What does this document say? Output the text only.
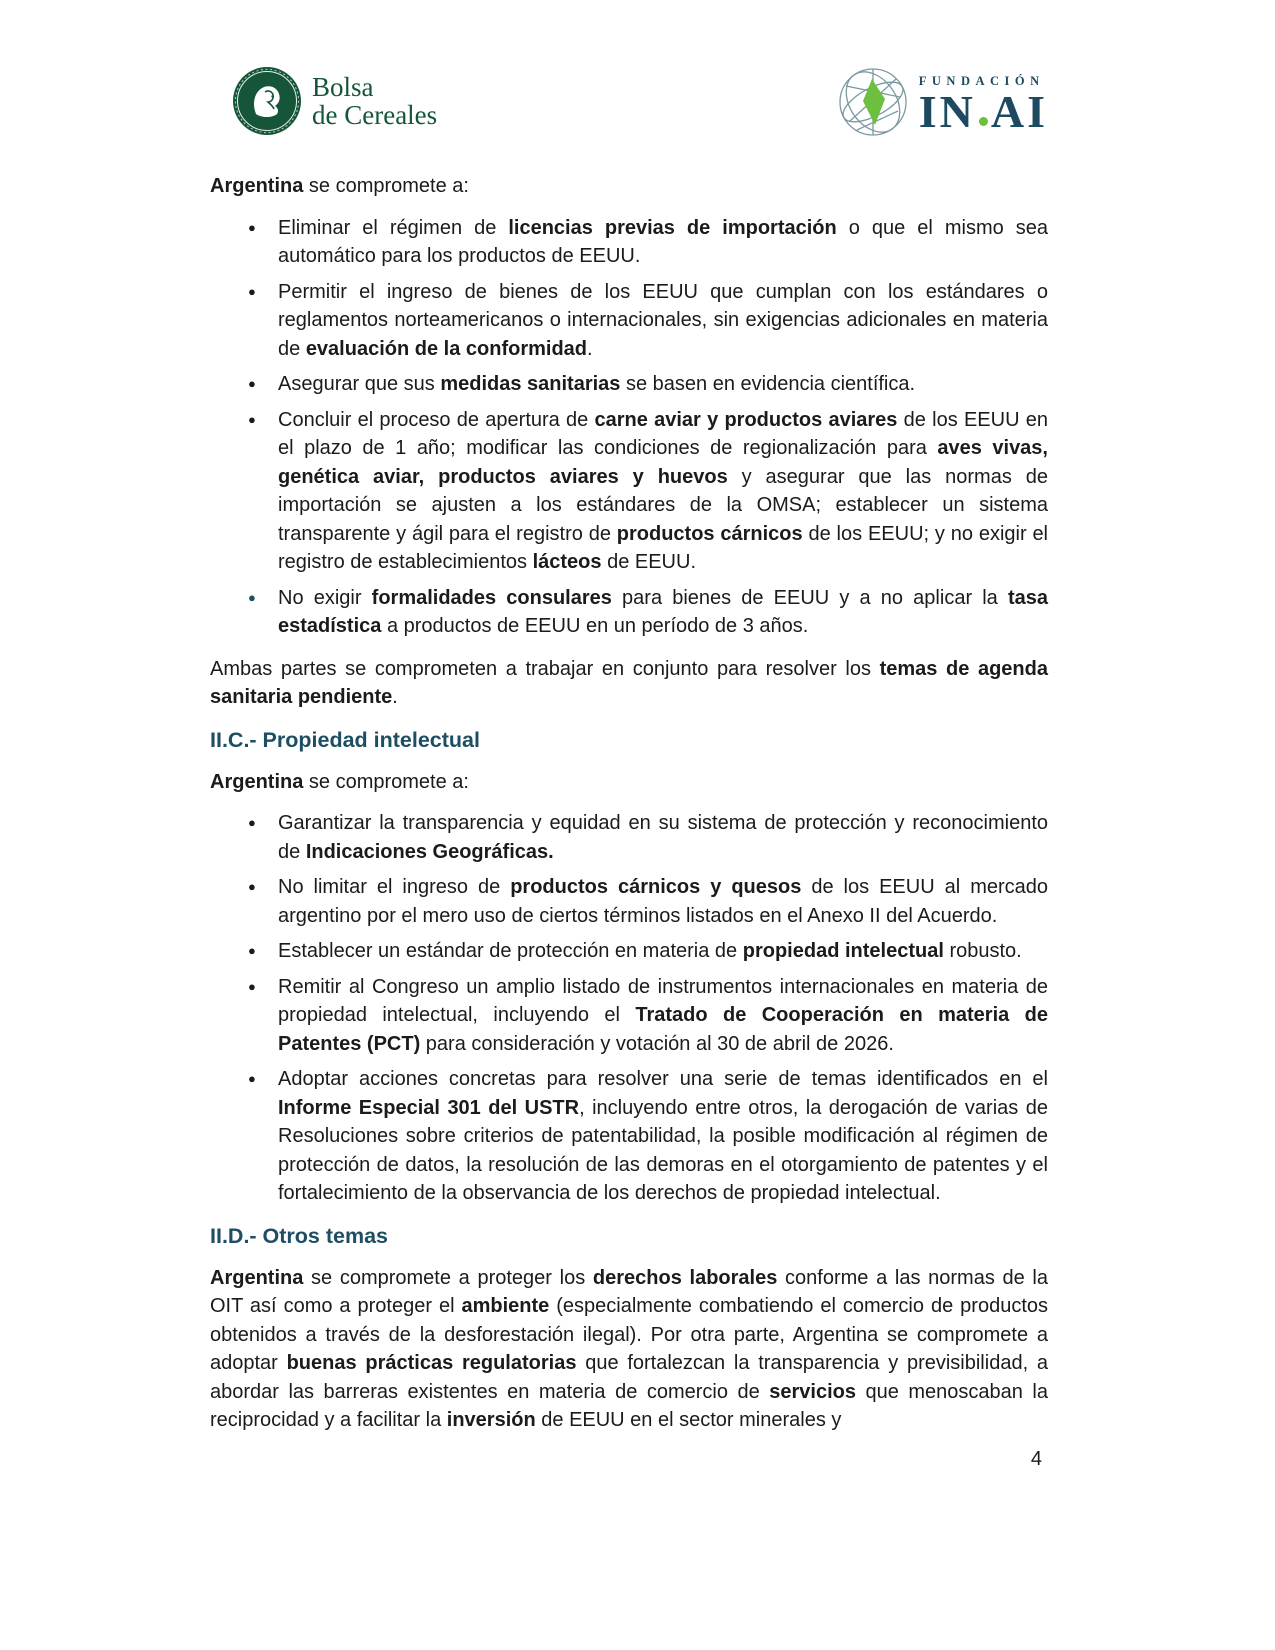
Bolsa
de Cereales
FUNDACIÓN
IN AI

Argentina se compromete a:

● Eliminar el régimen de licencias previas de importación o que el mismo sea automático para los productos de EEUU.
● Permitir el ingreso de bienes de los EEUU que cumplan con los estándares o reglamentos norteamericanos o internacionales, sin exigencias adicionales en materia de evaluación de la conformidad.
● Asegurar que sus medidas sanitarias se basen en evidencia científica.
● Concluir el proceso de apertura de carne aviar y productos aviares de los EEUU en el plazo de 1 año; modificar las condiciones de regionalización para aves vivas, genética aviar, productos aviares y huevos y asegurar que las normas de importación se ajusten a los estándares de la OMSA; establecer un sistema transparente y ágil para el registro de productos cárnicos de los EEUU; y no exigir el registro de establecimientos lácteos de EEUU.
● No exigir formalidades consulares para bienes de EEUU y a no aplicar la tasa estadística a productos de EEUU en un período de 3 años.

Ambas partes se comprometen a trabajar en conjunto para resolver los temas de agenda sanitaria pendiente.

II.C.- Propiedad intelectual

Argentina se compromete a:

● Garantizar la transparencia y equidad en su sistema de protección y reconocimiento de Indicaciones Geográficas.
● No limitar el ingreso de productos cárnicos y quesos de los EEUU al mercado argentino por el mero uso de ciertos términos listados en el Anexo II del Acuerdo.
● Establecer un estándar de protección en materia de propiedad intelectual robusto.
● Remitir al Congreso un amplio listado de instrumentos internacionales en materia de propiedad intelectual, incluyendo el Tratado de Cooperación en materia de Patentes (PCT) para consideración y votación al 30 de abril de 2026.
● Adoptar acciones concretas para resolver una serie de temas identificados en el Informe Especial 301 del USTR, incluyendo entre otros, la derogación de varias de Resoluciones sobre criterios de patentabilidad, la posible modificación al régimen de protección de datos, la resolución de las demoras en el otorgamiento de patentes y el fortalecimiento de la observancia de los derechos de propiedad intelectual.
II.D.- Otros temas

Argentina se compromete a proteger los derechos laborales conforme a las normas de la OIT así como a proteger el ambiente (especialmente combatiendo el comercio de productos obtenidos a través de la desforestación ilegal). Por otra parte, Argentina se compromete a adoptar buenas prácticas regulatorias que fortalezcan la transparencia y previsibilidad, a abordar las barreras existentes en materia de comercio de servicios que menoscaban la reciprocidad y a facilitar la inversión de EEUU en el sector minerales y

4
